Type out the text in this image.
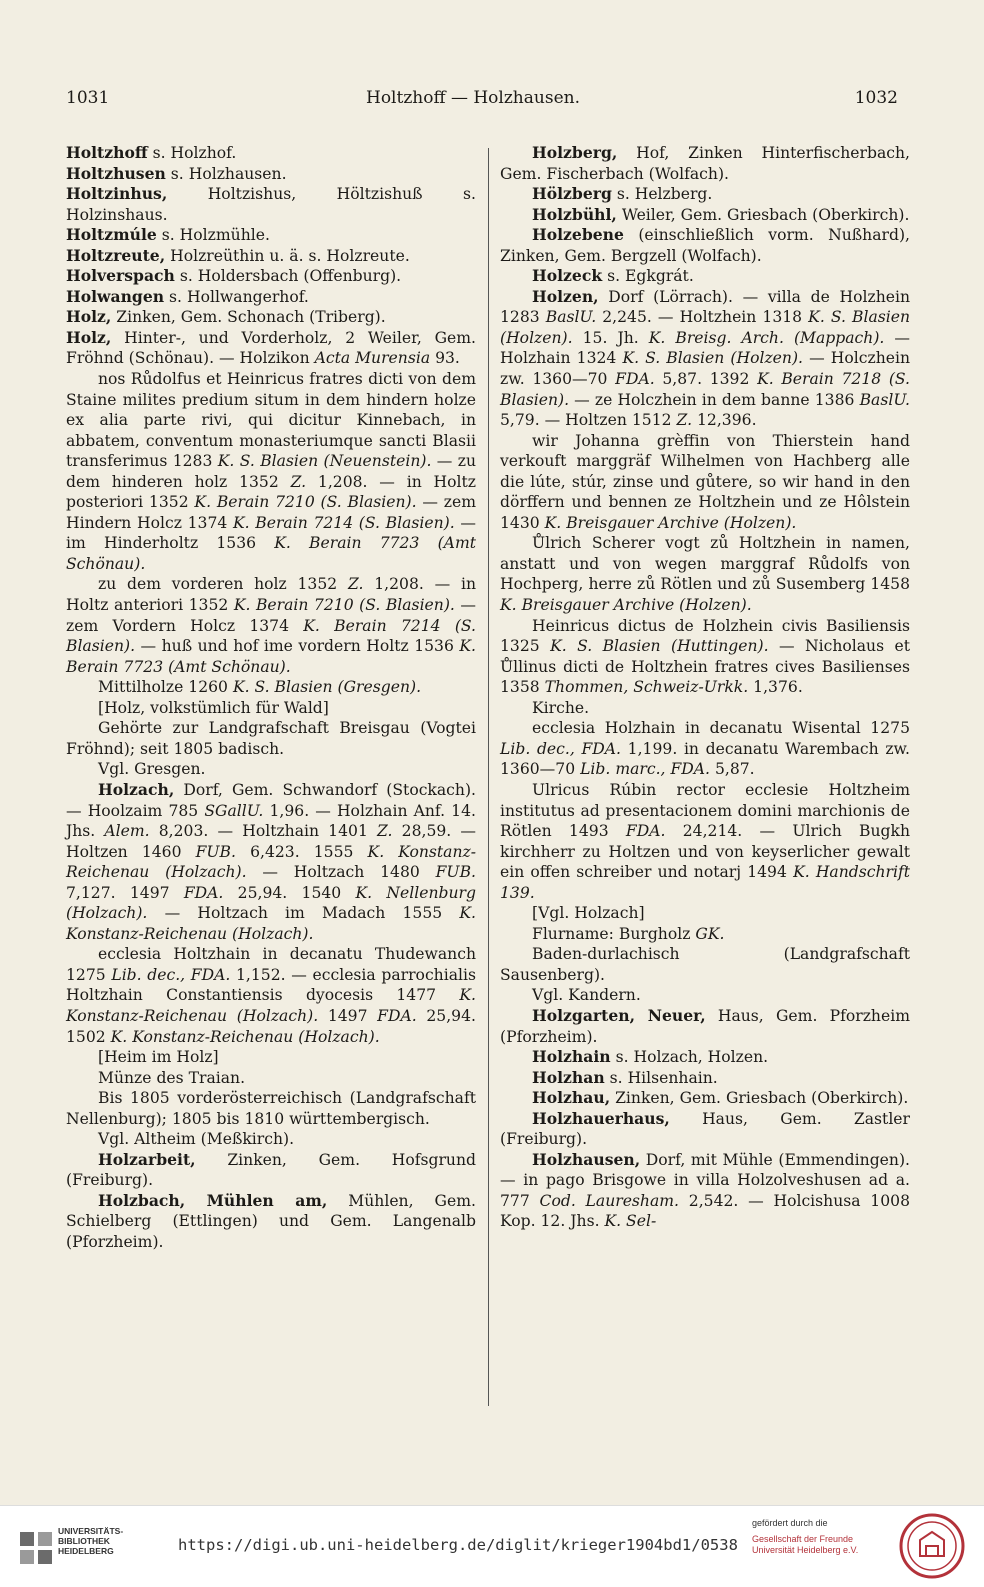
1031	Holtzhoff — Holzhausen.	1032

Holtzhoff s. Holzhof.

Holtzhusen s. Holzhausen.

Holtzinhus, Holtzishus, Höltzishuß s. Holzinshaus.

Holtzmúle s. Holzmühle.

Holtzreute, Holzreüthin u. ä. s. Holzreute.

Holverspach s. Holdersbach (Offenburg).

Holwangen s. Hollwangerhof.

Holz, Zinken, Gem. Schonach (Triberg).

Holz, Hinter-, und Vorderholz, 2 Weiler, Gem. Fröhnd (Schönau). — Holzikon Acta Murensia 93.

nos Růdolfus et Heinricus fratres dicti von dem Staine milites predium situm in dem hindern holze ex alia parte rivi, qui dicitur Kinnebach, in abbatem, conventum monasteriumque sancti Blasii transferimus 1283 K. S. Blasien (Neuenstein). — zu dem hinderen holz 1352 Z. 1,208. — in Holtz posteriori 1352 K. Berain 7210 (S. Blasien). — zem Hindern Holcz 1374 K. Berain 7214 (S. Blasien). — im Hinderholtz 1536 K. Berain 7723 (Amt Schönau).

zu dem vorderen holz 1352 Z. 1,208. — in Holtz anteriori 1352 K. Berain 7210 (S. Blasien). — zem Vordern Holcz 1374 K. Berain 7214 (S. Blasien). — huß und hof ime vordern Holtz 1536 K. Berain 7723 (Amt Schönau).

Mittilholze 1260 K. S. Blasien (Gresgen).

[Holz, volkstümlich für Wald]

Gehörte zur Landgrafschaft Breisgau (Vogtei Fröhnd); seit 1805 badisch.

Vgl. Gresgen.

Holzach, Dorf, Gem. Schwandorf (Stockach). — Hoolzaim 785 SGallU. 1,96. — Holzhain Anf. 14. Jhs. Alem. 8,203. — Holtzhain 1401 Z. 28,59. — Holtzen 1460 FUB. 6,423. 1555 K. Konstanz-Reichenau (Holzach). — Holtzach 1480 FUB. 7,127. 1497 FDA. 25,94. 1540 K. Nellenburg (Holzach). — Holtzach im Madach 1555 K. Konstanz-Reichenau (Holzach).

ecclesia Holtzhain in decanatu Thudewanch 1275 Lib. dec., FDA. 1,152. — ecclesia parrochialis Holtzhain Constantiensis dyocesis 1477 K. Konstanz-Reichenau (Holzach). 1497 FDA. 25,94. 1502 K. Konstanz-Reichenau (Holzach).

[Heim im Holz]

Münze des Traian.

Bis 1805 vorderösterreichisch (Landgrafschaft Nellenburg); 1805 bis 1810 württembergisch.

Vgl. Altheim (Meßkirch).

Holzarbeit, Zinken, Gem. Hofsgrund (Freiburg).

Holzbach, Mühlen am, Mühlen, Gem. Schielberg (Ettlingen) und Gem. Langenalb (Pforzheim).

Holzberg, Hof, Zinken Hinterfischerbach, Gem. Fischerbach (Wolfach).

Hölzberg s. Helzberg.

Holzbühl, Weiler, Gem. Griesbach (Oberkirch).

Holzebene (einschließlich vorm. Nußhard), Zinken, Gem. Bergzell (Wolfach).

Holzeck s. Egkgrát.

Holzen, Dorf (Lörrach). — villa de Holzhein 1283 BaslU. 2,245. — Holtzhein 1318 K. S. Blasien (Holzen). 15. Jh. K. Breisg. Arch. (Mappach). — Holzhain 1324 K. S. Blasien (Holzen). — Holczhein zw. 1360—70 FDA. 5,87. 1392 K. Berain 7218 (S. Blasien). — ze Holczhein in dem banne 1386 BaslU. 5,79. — Holtzen 1512 Z. 12,396.

wir Johanna grèffin von Thierstein hand verkouft marggräf Wilhelmen von Hachberg alle die lúte, stúr, zinse und gůtere, so wir hand in den dörffern und bennen ze Holtzhein und ze Hôlstein 1430 K. Breisgauer Archive (Holzen).

Ůlrich Scherer vogt zů Holtzhein in namen, anstatt und von wegen marggraf Růdolfs von Hochperg, herre zů Rötlen und zů Susemberg 1458 K. Breisgauer Archive (Holzen).

Heinricus dictus de Holzhein civis Basiliensis 1325 K. S. Blasien (Huttingen). — Nicholaus et Ůllinus dicti de Holtzhein fratres cives Basilienses 1358 Thommen, Schweiz-Urkk. 1,376.

Kirche.

ecclesia Holzhain in decanatu Wisental 1275 Lib. dec., FDA. 1,199. in decanatu Warembach zw. 1360—70 Lib. marc., FDA. 5,87.

Ulricus Rúbin rector ecclesie Holtzheim institutus ad presentacionem domini marchionis de Rötlen 1493 FDA. 24,214. — Ulrich Bugkh kirchherr zu Holtzen und von keyserlicher gewalt ein offen schreiber und notarj 1494 K. Handschrift 139.

[Vgl. Holzach]

Flurname: Burgholz GK.

Baden-durlachisch (Landgrafschaft Sausenberg).

Vgl. Kandern.

Holzgarten, Neuer, Haus, Gem. Pforzheim (Pforzheim).

Holzhain s. Holzach, Holzen.

Holzhan s. Hilsenhain.

Holzhau, Zinken, Gem. Griesbach (Oberkirch).

Holzhauerhaus, Haus, Gem. Zastler (Freiburg).

Holzhausen, Dorf, mit Mühle (Emmendingen). — in pago Brisgowe in villa Holzolveshusen ad a. 777 Cod. Lauresham. 2,542. — Holcishusa 1008 Kop. 12. Jhs. K. Sel-

UNIVERSITÄTS-
BIBLIOTHEK
HEIDELBERG	https://digi.ub.uni-heidelberg.de/diglit/krieger1904bd1/0538
gefördert durch die
Gesellschaft der Freunde
Universität Heidelberg e.V.
